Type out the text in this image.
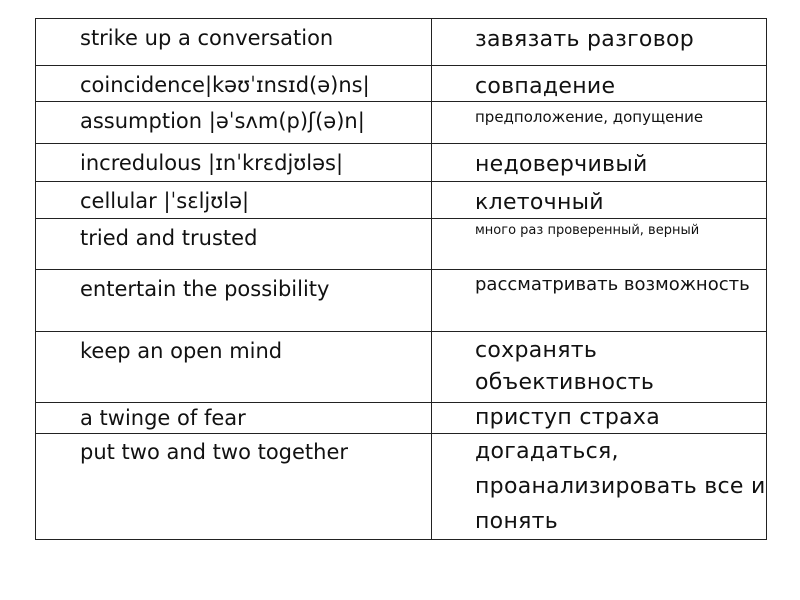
strike up a conversation	завязать разговор

coincidence|kəʊˈɪnsɪd(ə)ns|	совпадение

assumption |əˈsʌm(p)ʃ(ə)n|	предположение, допущение

incredulous |ɪnˈkrɛdjʊləs|	недоверчивый

cellular |ˈsɛljʊlə|	клеточный

tried and trusted	много раз проверенный, верный

entertain the possibility	рассматривать возможность

keep an open mind	сохранять объективность

a twinge of fear	приступ страха

put two and two together	догадаться, проанализировать все и понять
